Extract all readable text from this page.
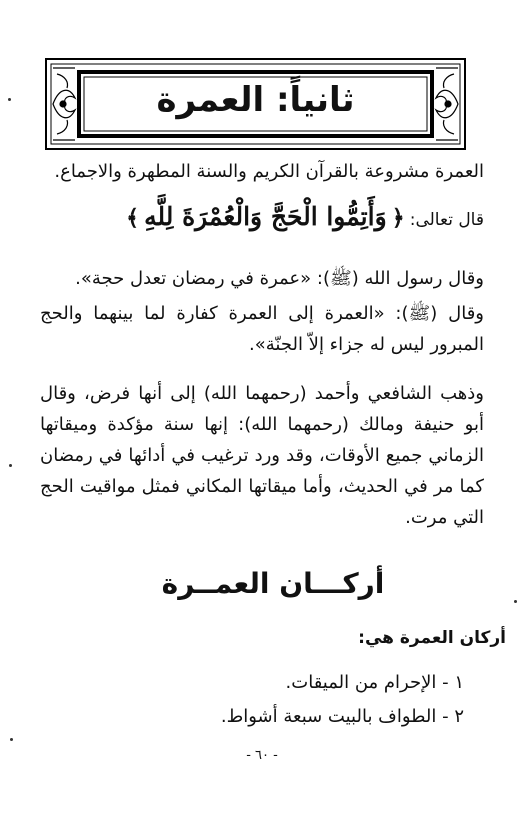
ثانياً: العمرة
العمرة مشروعة بالقرآن الكريم والسنة المطهرة والاجماع.
قال تعالى: ﴿ وَأَتِمُّوا الْحَجَّ وَالْعُمْرَةَ لِلَّهِ ﴾
وقال رسول الله (ﷺ): «عمرة في رمضان تعدل حجة».
وقال (ﷺ): «العمرة إلى العمرة كفارة لما بينهما والحج المبرور ليس له جزاء إلاّ الجنّة».
وذهب الشافعي وأحمد (رحمهما الله) إلى أنها فرض، وقال أبو حنيفة ومالك (رحمهما الله): إنها سنة مؤكدة وميقاتها الزماني جميع الأوقات، وقد ورد ترغيب في أدائها في رمضان كما مر في الحديث، وأما ميقاتها المكاني فمثل مواقيت الحج التي مرت.
أركـــان العمــرة
أركان العمرة هي:
١ - الإحرام من الميقات.
٢ - الطواف بالبيت سبعة أشواط.
- ٦٠ -
